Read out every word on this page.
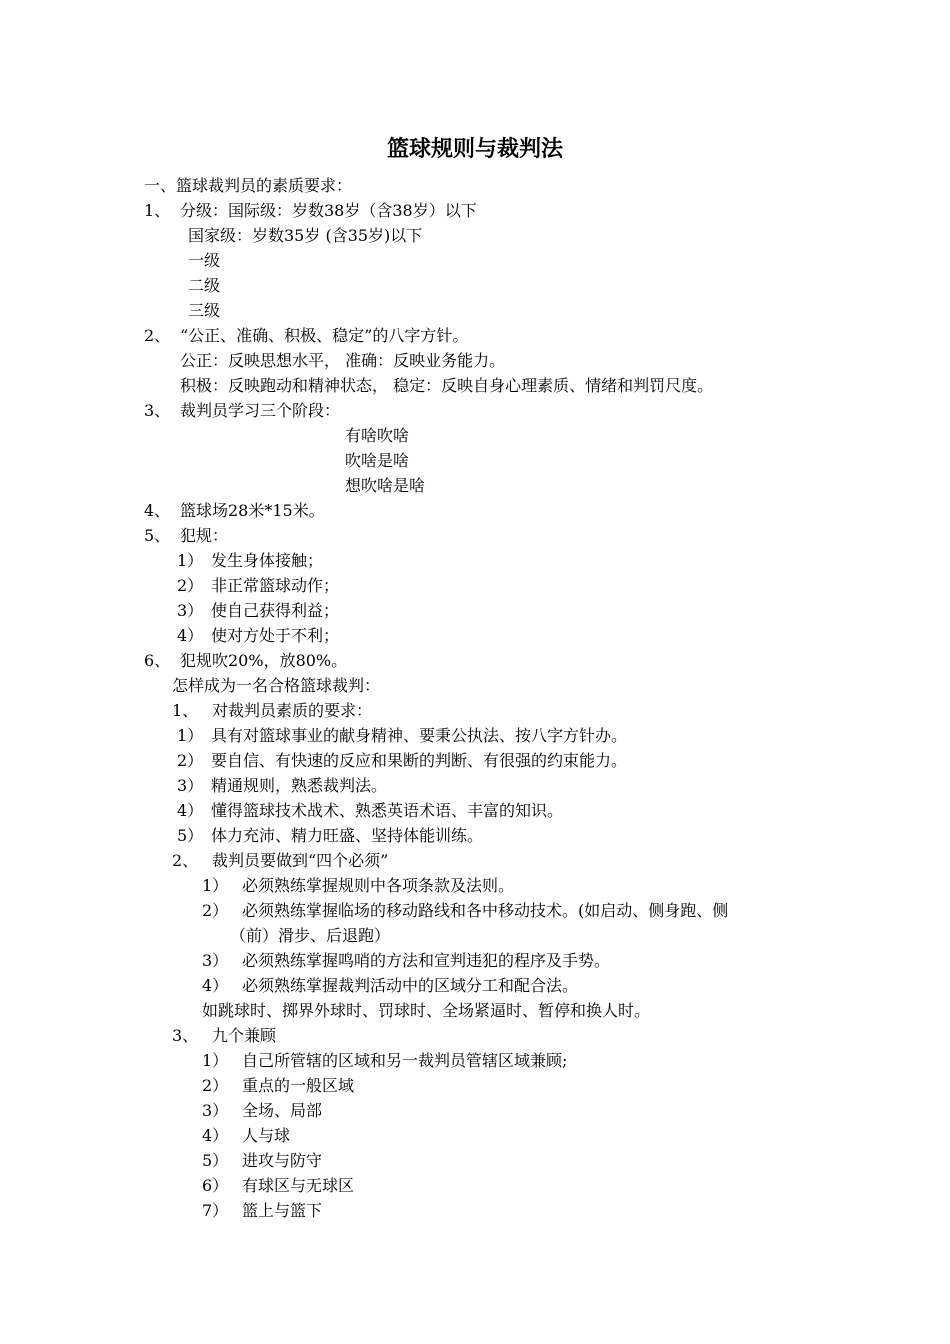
篮球规则与裁判法
一、篮球裁判员的素质要求：
1、 分级：国际级：岁数38岁（含38岁）以下
国家级：岁数35岁 (含35岁)以下
一级
二级
三级
2、 “公正、准确、积极、稳定”的八字方针。
公正：反映思想水平， 准确：反映业务能力。
积极：反映跑动和精神状态， 稳定：反映自身心理素质、情绪和判罚尺度。
3、 裁判员学习三个阶段：
有啥吹啥
吹啥是啥
想吹啥是啥
4、 篮球场28米*15米。
5、 犯规：
1） 发生身体接触；
2） 非正常篮球动作；
3） 使自己获得利益；
4） 使对方处于不利；
6、 犯规吹20%，放80%。
怎样成为一名合格篮球裁判：
1、 对裁判员素质的要求：
1） 具有对篮球事业的献身精神、要秉公执法、按八字方针办。
2） 要自信、有快速的反应和果断的判断、有很强的约束能力。
3） 精通规则，熟悉裁判法。
4） 懂得篮球技术战术、熟悉英语术语、丰富的知识。
5） 体力充沛、精力旺盛、坚持体能训练。
2、 裁判员要做到“四个必须”
1） 必须熟练掌握规则中各项条款及法则。
2） 必须熟练掌握临场的移动路线和各中移动技术。(如启动、侧身跑、侧
（前）滑步、后退跑）
3） 必须熟练掌握鸣哨的方法和宣判违犯的程序及手势。
4） 必须熟练掌握裁判活动中的区域分工和配合法。
如跳球时、掷界外球时、罚球时、全场紧逼时、暂停和换人时。
3、 九个兼顾
1） 自己所管辖的区域和另一裁判员管辖区域兼顾;
2） 重点的一般区域
3） 全场、局部
4） 人与球
5） 进攻与防守
6） 有球区与无球区
7） 篮上与篮下
